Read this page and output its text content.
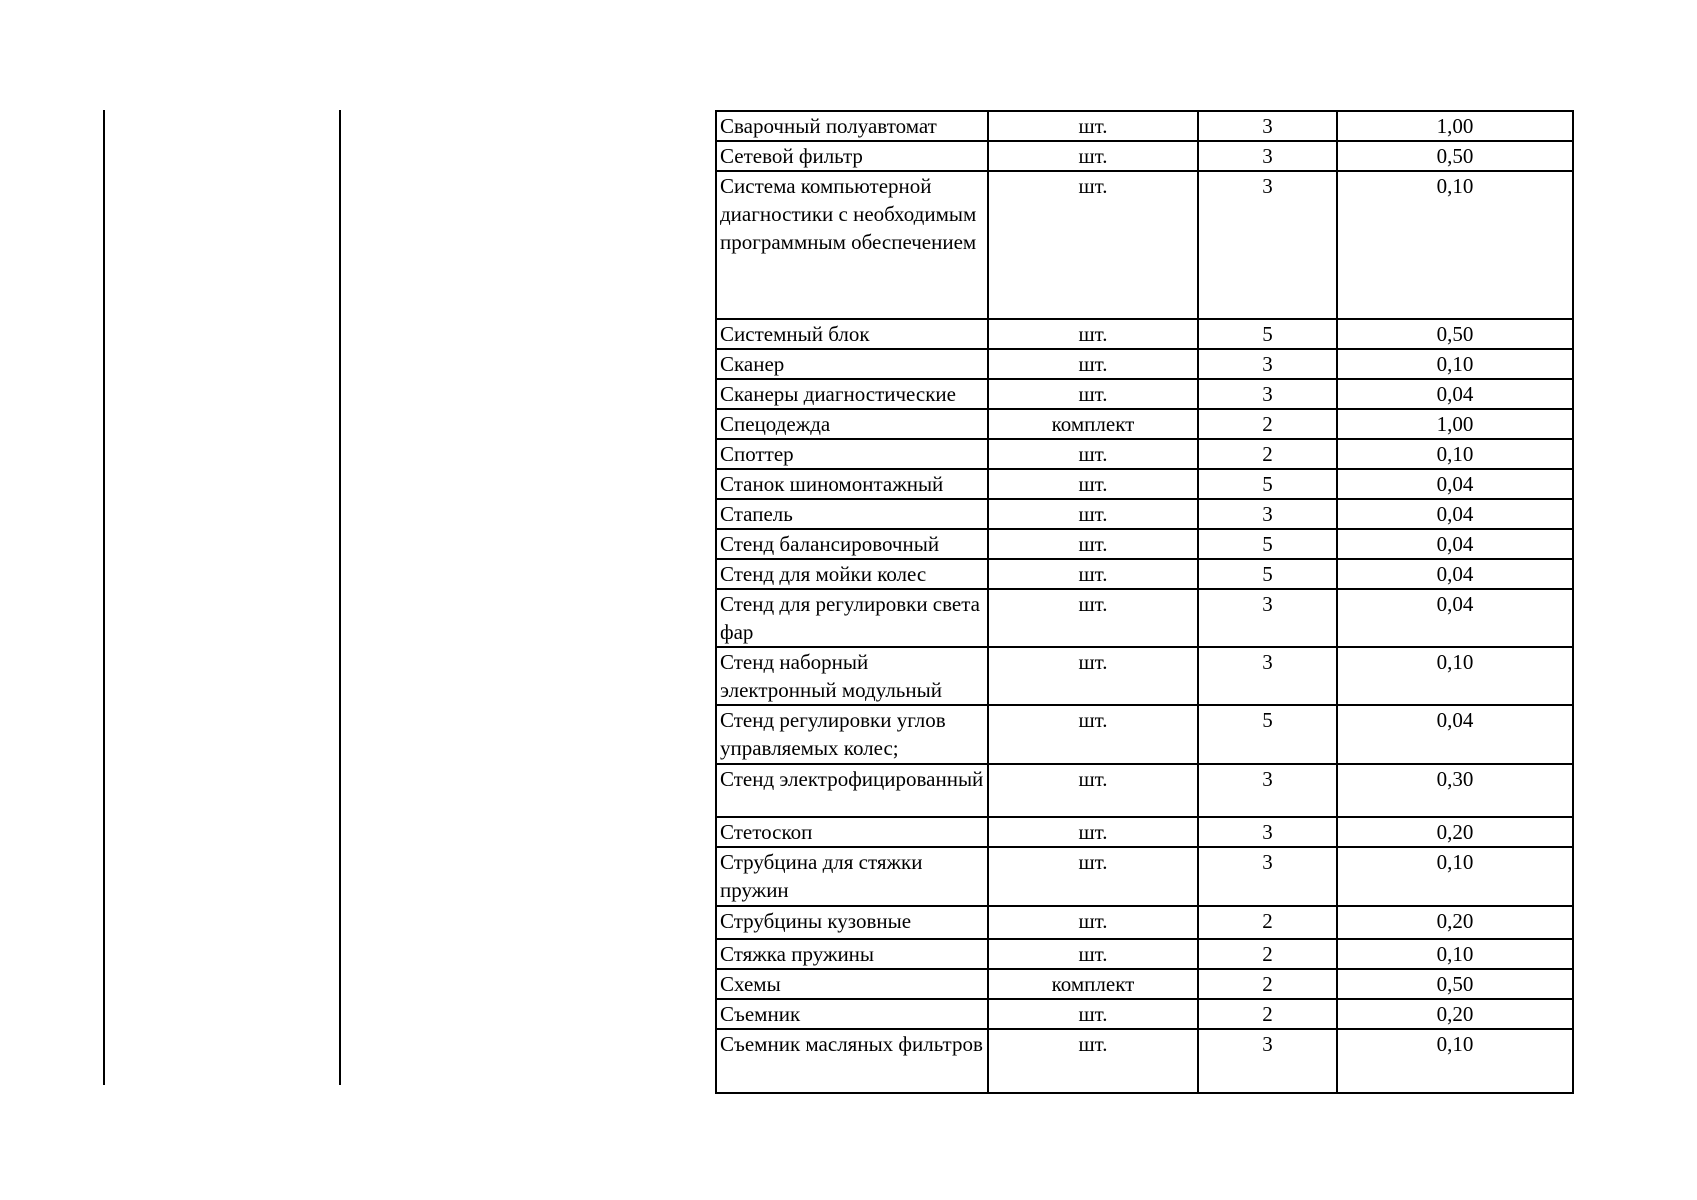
Сварочный полуавтомат	шт.	3	1,00
Сетевой фильтр	шт.	3	0,50
Система компьютерной диагностики с необходимым программным обеспечением	шт.	3	0,10
Системный блок	шт.	5	0,50
Сканер	шт.	3	0,10
Сканеры диагностические	шт.	3	0,04
Спецодежда	комплект	2	1,00
Споттер	шт.	2	0,10
Станок шиномонтажный	шт.	5	0,04
Стапель	шт.	3	0,04
Стенд балансировочный	шт.	5	0,04
Стенд для мойки колес	шт.	5	0,04
Стенд для регулировки света фар	шт.	3	0,04
Стенд наборный электронный модульный	шт.	3	0,10
Стенд регулировки углов управляемых колес;	шт.	5	0,04
Стенд электрофицированный	шт.	3	0,30
Стетоскоп	шт.	3	0,20
Струбцина для стяжки пружин	шт.	3	0,10
Струбцины кузовные	шт.	2	0,20
Стяжка пружины	шт.	2	0,10
Схемы	комплект	2	0,50
Съемник	шт.	2	0,20
Съемник масляных фильтров	шт.	3	0,10
